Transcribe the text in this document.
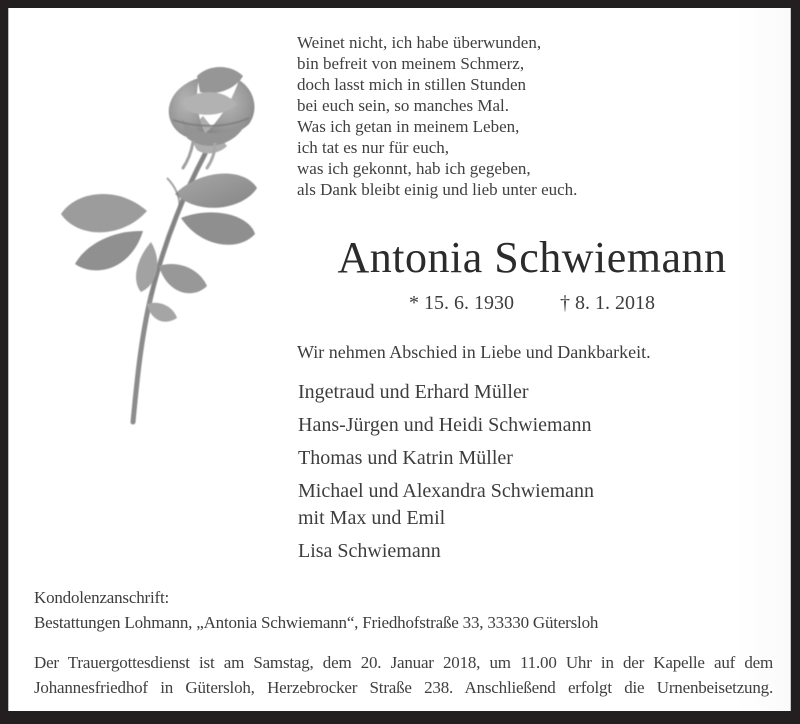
Weinet nicht, ich habe überwunden,
bin befreit von meinem Schmerz,
doch lasst mich in stillen Stunden
bei euch sein, so manches Mal.
Was ich getan in meinem Leben,
ich tat es nur für euch,
was ich gekonnt, hab ich gegeben,
als Dank bleibt einig und lieb unter euch.
Antonia Schwiemann
* 15. 6. 1930 † 8. 1. 2018
Wir nehmen Abschied in Liebe und Dankbarkeit.
Ingetraud und Erhard Müller
Hans-Jürgen und Heidi Schwiemann
Thomas und Katrin Müller
Michael und Alexandra Schwiemann
mit Max und Emil
Lisa Schwiemann
Kondolenzanschrift:
Bestattungen Lohmann, „Antonia Schwiemann“, Friedhofstraße 33, 33330 Gütersloh
Der Trauergottesdienst ist am Samstag, dem 20. Januar 2018, um 11.00 Uhr in der Kapelle auf dem Johannesfriedhof in Gütersloh, Herzebrocker Straße 238. Anschließend erfolgt die Urnenbeisetzung.
